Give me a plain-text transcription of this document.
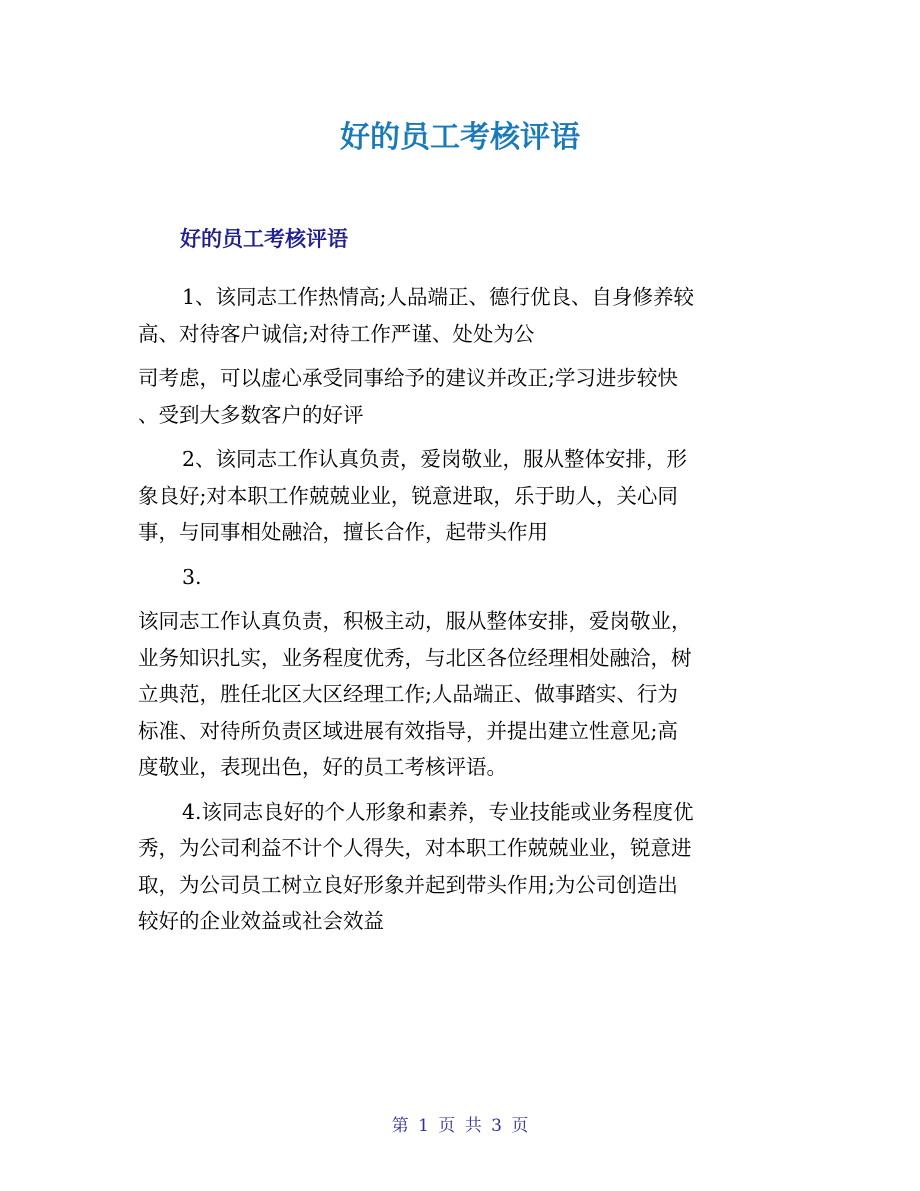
好的员工考核评语
好的员工考核评语

1、该同志工作热情高;人品端正、德行优良、自身修养较
高、对待客户诚信;对待工作严谨、处处为公

司考虑，可以虚心承受同事给予的建议并改正;学习进步较快
、受到大多数客户的好评

2、该同志工作认真负责，爱岗敬业，服从整体安排，形
象良好;对本职工作兢兢业业，锐意进取，乐于助人，关心同
事，与同事相处融洽，擅长合作，起带头作用

3.

该同志工作认真负责，积极主动，服从整体安排，爱岗敬业，
业务知识扎实，业务程度优秀，与北区各位经理相处融洽，树
立典范，胜任北区大区经理工作;人品端正、做事踏实、行为
标准、对待所负责区域进展有效指导，并提出建立性意见;高
度敬业，表现出色，好的员工考核评语。

4.该同志良好的个人形象和素养，专业技能或业务程度优
秀，为公司利益不计个人得失，对本职工作兢兢业业，锐意进
取，为公司员工树立良好形象并起到带头作用;为公司创造出
较好的企业效益或社会效益

第 1 页 共 3 页
